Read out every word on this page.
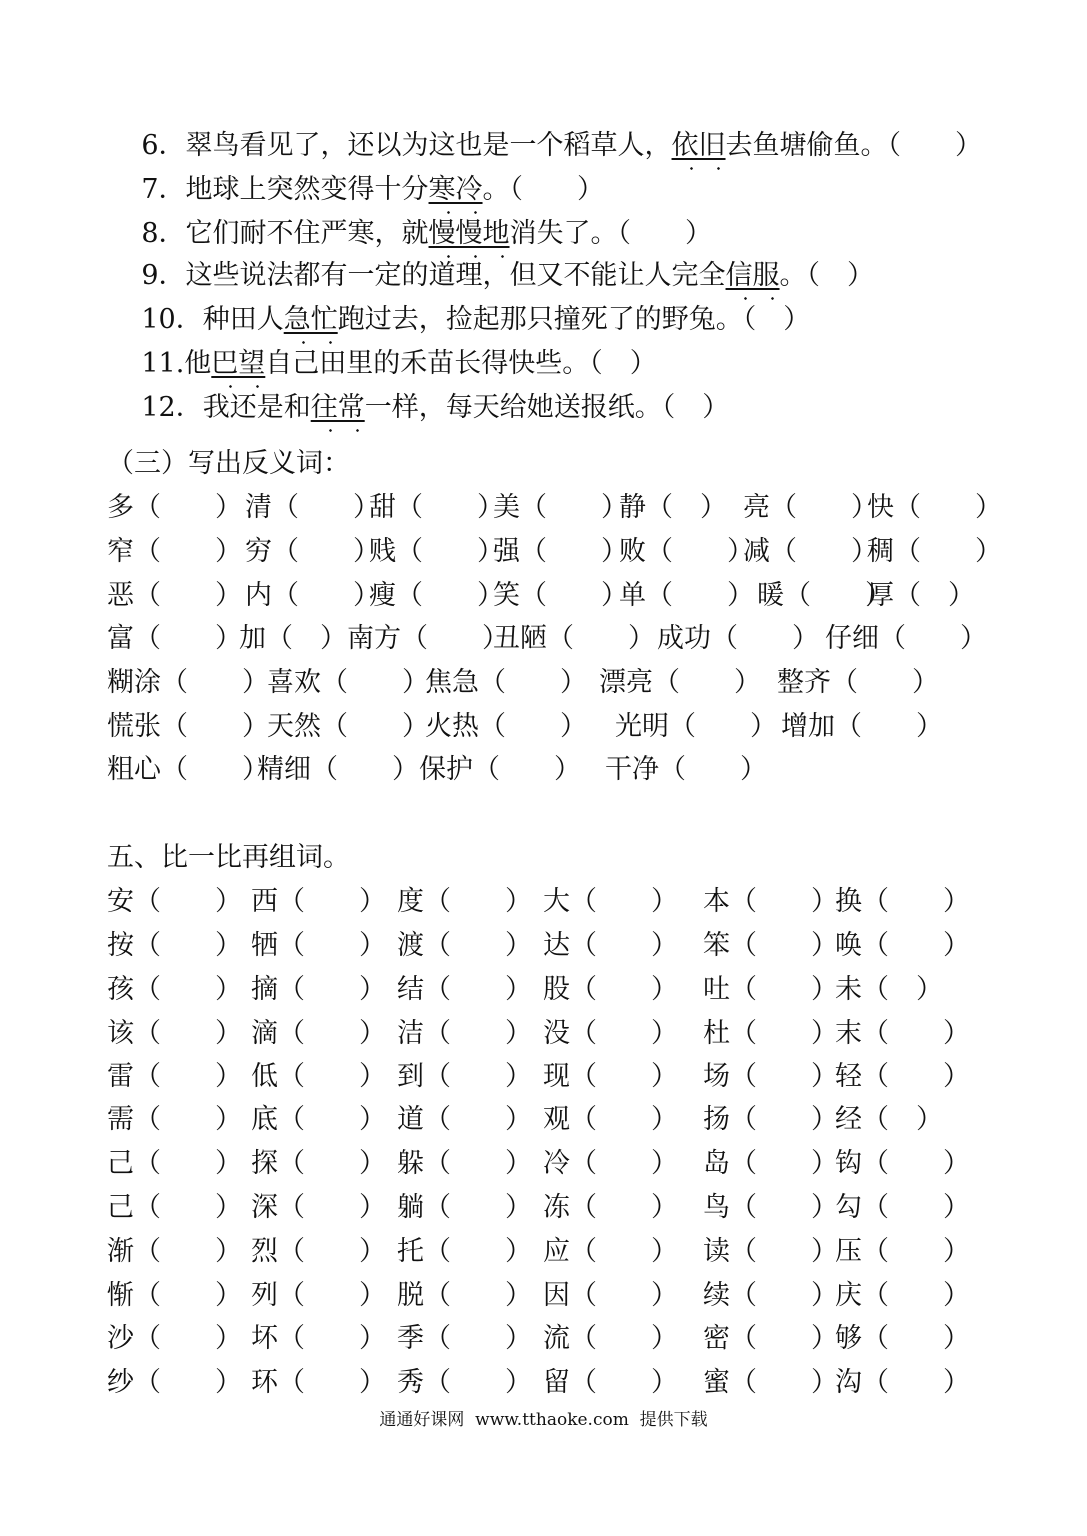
6．翠鸟看见了，还以为这也是一个稻草人，依旧去鱼塘偷鱼。（　　）

7．地球上突然变得十分寒冷。（　　）

8．它们耐不住严寒，就慢慢地消失了。（　　）

9．这些说法都有一定的道理，但又不能让人完全信服。（　）

10．种田人急忙跑过去，捡起那只撞死了的野兔。（　）

11.他巴望自己田里的禾苗长得快些。（　）

12．我还是和往常一样，每天给她送报纸。（　）

（三）写出反义词：
多（　　） 清（　　）
甜（　　）
美（　　）
静（　） 亮（　　）
快（　　）
窄（　　） 穷（　　）
贱（　　）
强（　　）
败（　　）
减（　　）
稠（　　）
恶（　　） 内（　　）
瘦（　　）
笑（　　）
单（　　） 暖（　　）
厚（　）
富（　　）
加（　） 南方（　　）
丑陋（　　） 成功（　　） 仔细（　　）
糊涂（　　）
喜欢（　　）
焦急（　　） 漂亮（　　） 整齐（　　）
慌张（　　）
天然（　　）
火热（　　） 光明（　　） 增加（　　）
粗心（　　）
精细（　　） 保护（　　） 干净（　　）
五、比一比再组词。
安（　　） 西（　　） 度（　　） 大（　　） 本（　　）
换（　　）
按（　　） 牺（　　） 渡（　　） 达（　　） 笨（　　）
唤（　　）
孩（　　） 摘（　　） 结（　　） 股（　　） 吐（　　）
未（　）
该（　　） 滴（　　） 洁（　　） 没（　　） 杜（　　）
末（　　）
雷（　　） 低（　　） 到（　　） 现（　　） 场（　　）
轻（　　）
需（　　） 底（　　） 道（　　） 观（　　） 扬（　　）
经（　）
己（　　） 探（　　） 躲（　　） 冷（　　） 岛（　　）
钩（　　）
己（　　） 深（　　） 躺（　　） 冻（　　） 鸟（　　）
勾（　　）
渐（　　） 烈（　　） 托（　　） 应（　　） 读（　　）
压（　　）
惭（　　） 列（　　） 脱（　　） 因（　　） 续（　　）
庆（　　）
沙（　　） 坏（　　） 季（　　） 流（　　） 密（　　）
够（　　）
纱（　　） 环（　　） 秀（　　） 留（　　） 蜜（　　）
沟（　　）
通通好课网  www.tthaoke.com  提供下载
